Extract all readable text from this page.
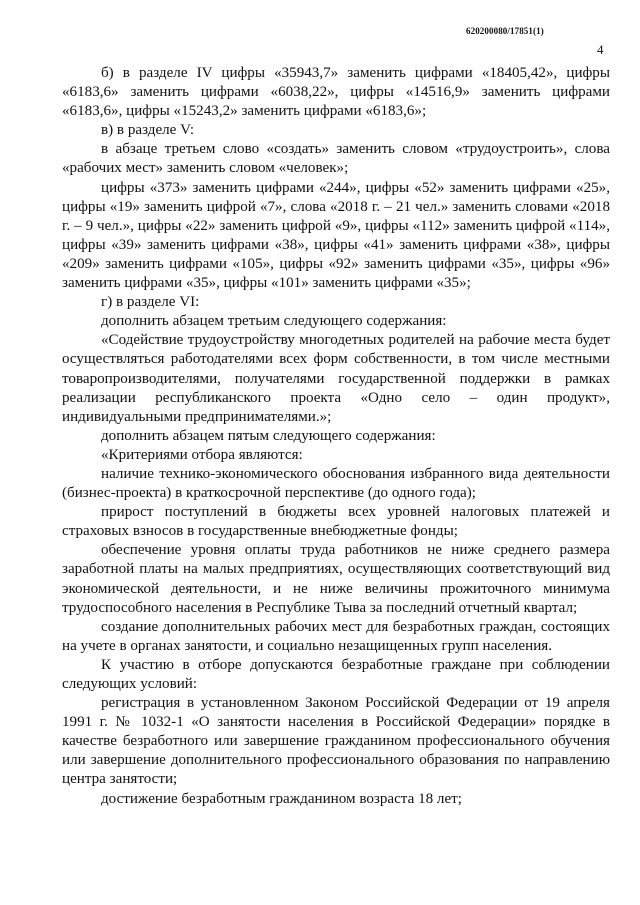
620200080/17851(1)
4

б) в разделе IV цифры «35943,7» заменить цифрами «18405,42», цифры «6183,6» заменить цифрами «6038,22», цифры «14516,9» заменить цифрами «6183,6», цифры «15243,2» заменить цифрами «6183,6»;

в) в разделе V:

в абзаце третьем слово «создать» заменить словом «трудоустроить», слова «рабочих мест» заменить словом «человек»;

цифры «373» заменить цифрами «244», цифры «52» заменить цифрами «25», цифры «19» заменить цифрой «7», слова «2018 г. – 21 чел.» заменить словами «2018 г. – 9 чел.», цифры «22» заменить цифрой «9», цифры «112» заменить цифрой «114», цифры «39» заменить цифрами «38», цифры «41» заменить цифрами «38», цифры «209» заменить цифрами «105», цифры «92» заменить цифрами «35», цифры «96» заменить цифрами «35», цифры «101» заменить цифрами «35»;

г) в разделе VI:

дополнить абзацем третьим следующего содержания:

«Содействие трудоустройству многодетных родителей на рабочие места будет осуществляться работодателями всех форм собственности, в том числе местными товаропроизводителями, получателями государственной поддержки в рамках реализации республиканского проекта «Одно село – один продукт», индивидуальными предпринимателями.»;

дополнить абзацем пятым следующего содержания:

«Критериями отбора являются:

наличие технико-экономического обоснования избранного вида деятельности (бизнес-проекта) в краткосрочной перспективе (до одного года);

прирост поступлений в бюджеты всех уровней налоговых платежей и страховых взносов в государственные внебюджетные фонды;

обеспечение уровня оплаты труда работников не ниже среднего размера заработной платы на малых предприятиях, осуществляющих соответствующий вид экономической деятельности, и не ниже величины прожиточного минимума трудоспособного населения в Республике Тыва за последний отчетный квартал;

создание дополнительных рабочих мест для безработных граждан, состоящих на учете в органах занятости, и социально незащищенных групп населения.

К участию в отборе допускаются безработные граждане при соблюдении следующих условий:

регистрация в установленном Законом Российской Федерации от 19 апреля 1991 г. № 1032-1 «О занятости населения в Российской Федерации» порядке в качестве безработного или завершение гражданином профессионального обучения или завершение дополнительного профессионального образования по направлению центра занятости;

достижение безработным гражданином возраста 18 лет;
